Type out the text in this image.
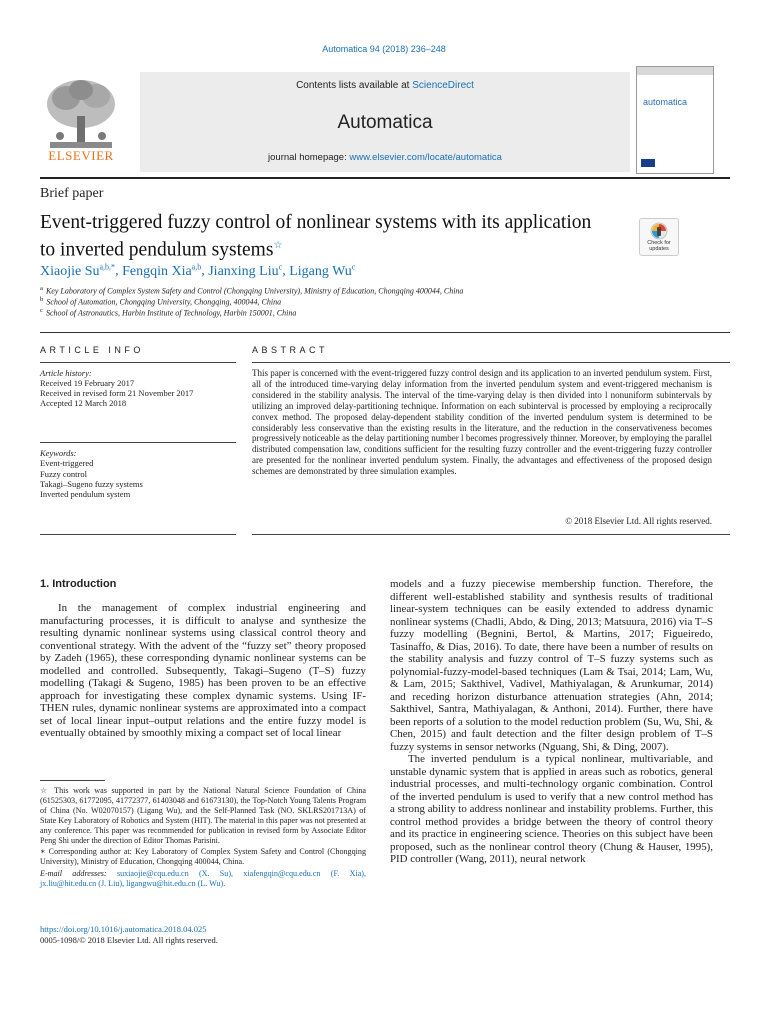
Automatica 94 (2018) 236–248
ELSEVIER
Contents lists available at ScienceDirect
Automatica
journal homepage: www.elsevier.com/locate/automatica
automatica
Brief paper
Event-triggered fuzzy control of nonlinear systems with its application to inverted pendulum systems☆	Check for updates
Xiaojie $Su^{a,b,*}$, Fengqin Xia$^{a,b}$, Jianxing Liu$^c$, Ligang Wu$^c$
$^a$ Key Laboratory of Complex System Safety and Control (Chongqing University), Ministry of Education, Chongqing 400044, China
$^b$ School of Automation, Chongqing University, Chongqing, 400044, China
$^c$ School of Astronautics, Harbin Institute of Technology, Harbin 150001, China
ARTICLE INFO	ABSTRACT
Article history:
Received 19 February 2017
Received in revised form 21 November 2017
Accepted 12 March 2018
Keywords:
Event-triggered
Fuzzy control
Takagi–Sugeno fuzzy systems
Inverted pendulum system
This paper is concerned with the event-triggered fuzzy control design and its application to an inverted pendulum system. First, all of the introduced time-varying delay information from the inverted pendulum system and event-triggered mechanism is considered in the stability analysis. The interval of the time-varying delay is then divided into l nonuniform subintervals by utilizing an improved delay-partitioning technique. Information on each subinterval is processed by employing a reciprocally convex method. The proposed delay-dependent stability condition of the inverted pendulum system is determined to be considerably less conservative than the existing results in the literature, and the reduction in the conservativeness becomes progressively noticeable as the delay partitioning number l becomes progressively thinner. Moreover, by employing the parallel distributed compensation law, conditions sufficient for the resulting fuzzy controller and the event-triggering fuzzy controller are presented for the nonlinear inverted pendulum system. Finally, the advantages and effectiveness of the proposed design schemes are demonstrated by three simulation examples.
© 2018 Elsevier Ltd. All rights reserved.
1. Introduction

In the management of complex industrial engineering and manufacturing processes, it is difficult to analyse and synthesize the resulting dynamic nonlinear systems using classical control theory and conventional strategy. With the advent of the “fuzzy set” theory proposed by Zadeh (1965), these corresponding dynamic nonlinear systems can be modelled and controlled. Subsequently, Takagi–Sugeno (T–S) fuzzy modelling (Takagi & Sugeno, 1985) has been proven to be an effective approach for investigating these complex dynamic systems. Using IF-THEN rules, dynamic nonlinear systems are approximated into a compact set of local linear input–output relations and the entire fuzzy model is eventually obtained by smoothly mixing a compact set of local linear

models and a fuzzy piecewise membership function. Therefore, the different well-established stability and synthesis results of traditional linear-system techniques can be easily extended to address dynamic nonlinear systems (Chadli, Abdo, & Ding, 2013; Matsuura, 2016) via T–S fuzzy modelling (Begnini, Bertol, & Martins, 2017; Figueiredo, Tasinaffo, & Dias, 2016). To date, there have been a number of results on the stability analysis and fuzzy control of T–S fuzzy systems such as polynomial-fuzzy-model-based techniques (Lam & Tsai, 2014; Lam, Wu, & Lam, 2015; Sakthivel, Vadivel, Mathiyalagan, & Arunkumar, 2014) and receding horizon disturbance attenuation strategies (Ahn, 2014; Sakthivel, Santra, Mathiyalagan, & Anthoni, 2014). Further, there have been reports of a solution to the model reduction problem (Su, Wu, Shi, & Chen, 2015) and fault detection and the filter design problem of T–S fuzzy systems in sensor networks (Nguang, Shi, & Ding, 2007).

The inverted pendulum is a typical nonlinear, multivariable, and unstable dynamic system that is applied in areas such as robotics, general industrial processes, and multi-technology organic combination. Control of the inverted pendulum is used to verify that a new control method has a strong ability to address nonlinear and instability problems. Further, this control method provides a bridge between the theory of control theory and its practice in engineering science. Theories on this subject have been proposed, such as the nonlinear control theory (Chung & Hauser, 1995), PID controller (Wang, 2011), neural network

☆ This work was supported in part by the National Natural Science Foundation of China (61525303, 61772095, 41772377, 61403048 and 61673130), the Top-Notch Young Talents Program of China (No. W02070157) (Ligang Wu), and the Self-Planned Task (NO. SKLRS201713A) of State Key Laboratory of Robotics and System (HIT). The material in this paper was not presented at any conference. This paper was recommended for publication in revised form by Associate Editor Peng Shi under the direction of Editor Thomas Parisini.
∗ Corresponding author at: Key Laboratory of Complex System Safety and Control (Chongqing University), Ministry of Education, Chongqing 400044, China.
E-mail addresses: suxiaojie@cqu.edu.cn (X. Su), xiafengqin@cqu.edu.cn (F. Xia), jx.liu@hit.edu.cn (J. Liu), ligangwu@hit.edu.cn (L. Wu).
https://doi.org/10.1016/j.automatica.2018.04.025
0005-1098/© 2018 Elsevier Ltd. All rights reserved.
